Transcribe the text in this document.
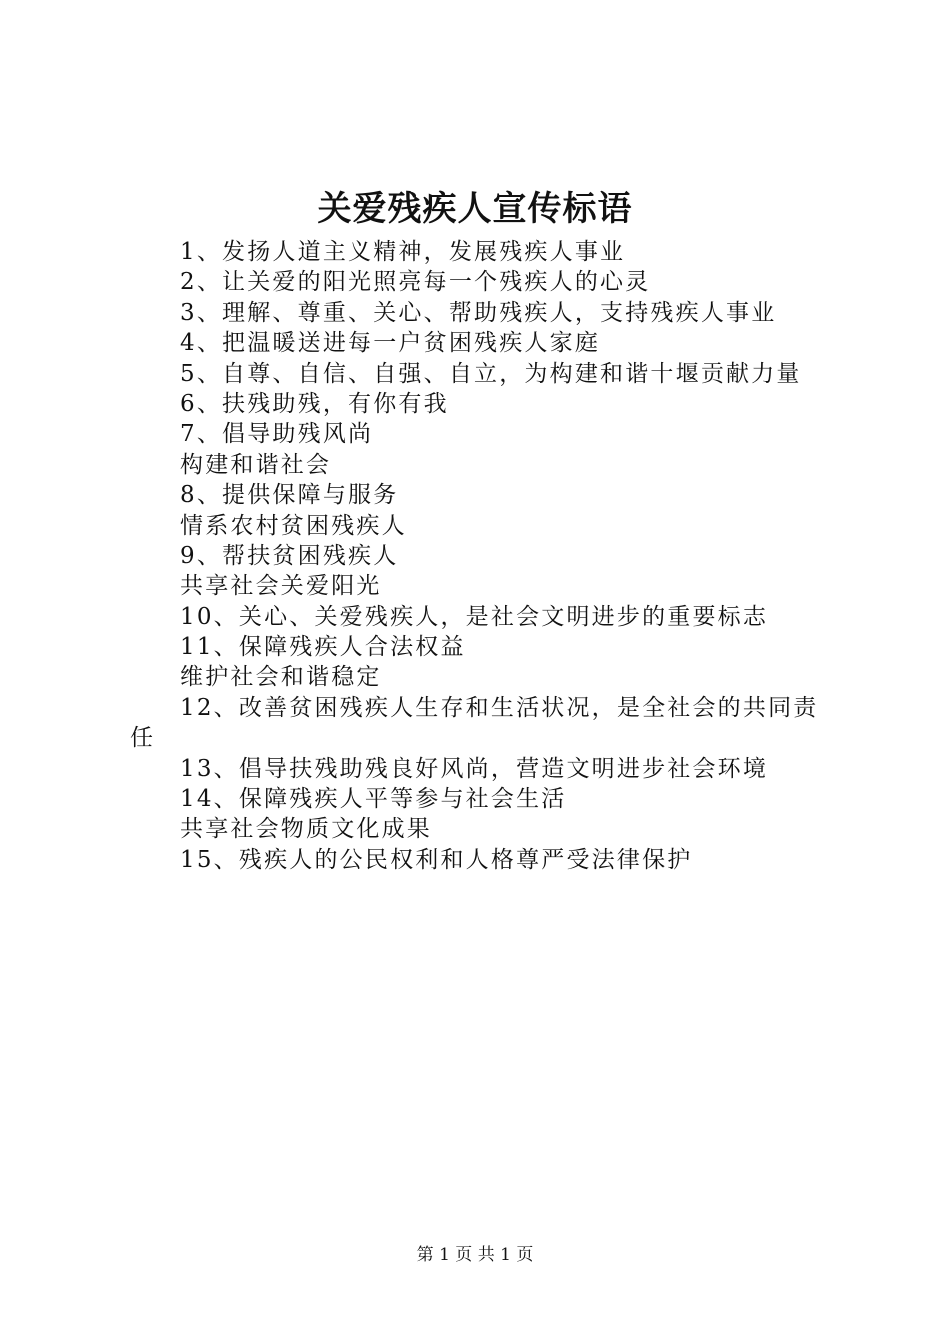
关爱残疾人宣传标语
1、发扬人道主义精神，发展残疾人事业
2、让关爱的阳光照亮每一个残疾人的心灵
3、理解、尊重、关心、帮助残疾人，支持残疾人事业
4、把温暖送进每一户贫困残疾人家庭
5、自尊、自信、自强、自立，为构建和谐十堰贡献力量
6、扶残助残，有你有我
7、倡导助残风尚
构建和谐社会
8、提供保障与服务
情系农村贫困残疾人
9、帮扶贫困残疾人
共享社会关爱阳光
10、关心、关爱残疾人，是社会文明进步的重要标志
11、保障残疾人合法权益
维护社会和谐稳定
12、改善贫困残疾人生存和生活状况，是全社会的共同责
任
13、倡导扶残助残良好风尚，营造文明进步社会环境
14、保障残疾人平等参与社会生活
共享社会物质文化成果
15、残疾人的公民权利和人格尊严受法律保护
第 1 页 共 1 页
